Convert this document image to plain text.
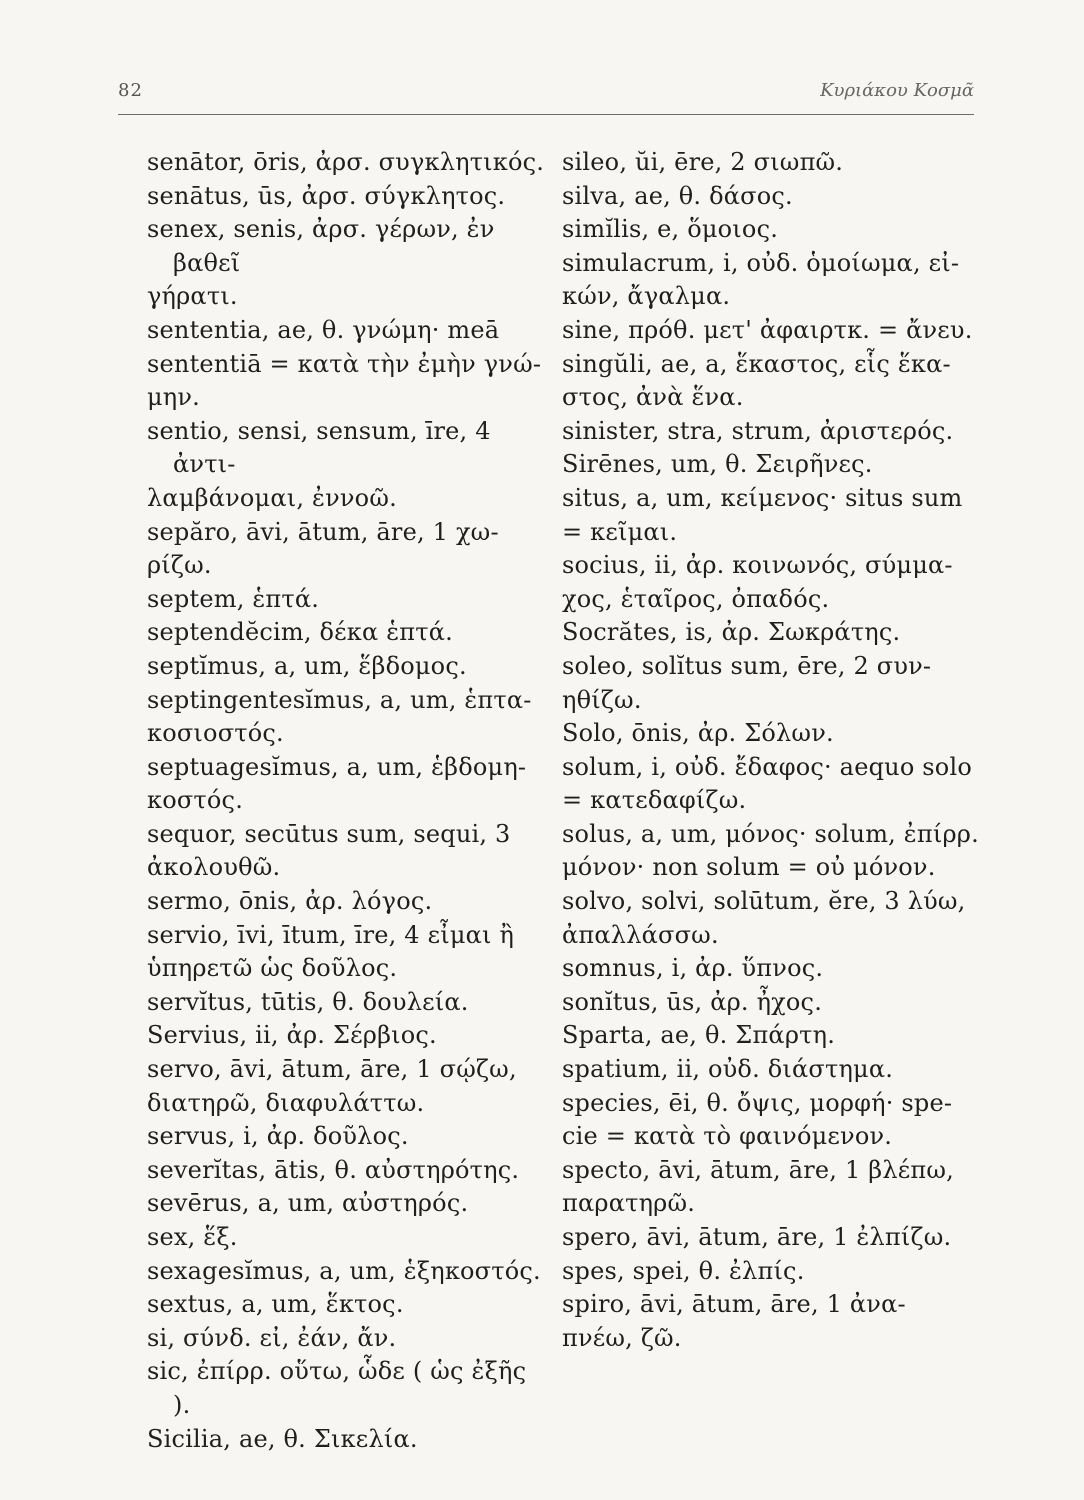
82	Κυριάκου Κοσμᾶ

senātor, ōris, ἀρσ. συγκλητικός.

senātus, ūs, ἀρσ. σύγκλητος.

senex, senis, ἀρσ. γέρων, ἐν βαθεῖ
γήρατι.

sententia, ae, θ. γνώμη· meā
sententiā = κατὰ τὴν ἐμὴν γνώ-
μην.

sentio, sensi, sensum, īre, 4 ἀντι-
λαμβάνομαι, ἐννοῶ.

sepăro, āvi, ātum, āre, 1 χω-
ρίζω.

septem, ἑπτά.

septendĕcim, δέκα ἑπτά.

septĭmus, a, um, ἕβδομος.

septingentesĭmus, a, um, ἑπτα-
κοσιοστός.

septuagesĭmus, a, um, ἑβδομη-
κοστός.

sequor, secūtus sum, sequi, 3
ἀκολουθῶ.

sermo, ōnis, ἀρ. λόγος.

servio, īvi, ītum, īre, 4 εἶμαι ἢ
ὑπηρετῶ ὡς δοῦλος.

servĭtus, tūtis, θ. δουλεία.

Servius, ii, ἀρ. Σέρβιος.

servo, āvi, ātum, āre, 1 σῴζω,
διατηρῶ, διαφυλάττω.

servus, i, ἀρ. δοῦλος.

severĭtas, ātis, θ. αὐστηρότης.

sevērus, a, um, αὐστηρός.

sex, ἕξ.

sexagesĭmus, a, um, ἑξηκοστός.

sextus, a, um, ἕκτος.

si, σύνδ. εἰ, ἐάν, ἄν.

sic, ἐπίρρ. οὕτω, ὧδε ( ὡς ἐξῆς ).

Sicilia, ae, θ. Σικελία.

sileo, ŭi, ēre, 2 σιωπῶ.

silva, ae, θ. δάσος.

simĭlis, e, ὅμοιος.

simulacrum, i, οὐδ. ὁμοίωμα, εἰ-
κών, ἄγαλμα.

sine, πρόθ. μετ' ἀφαιρτκ. = ἄνευ.

singŭli, ae, a, ἕκαστος, εἷς ἕκα-
στος, ἀνὰ ἕνα.

sinister, stra, strum, ἀριστερός.

Sirēnes, um, θ. Σειρῆνες.

situs, a, um, κείμενος· situs sum
= κεῖμαι.

socius, ii, ἀρ. κοινωνός, σύμμα-
χος, ἑταῖρος, ὀπαδός.

Socrătes, is, ἀρ. Σωκράτης.

soleo, solĭtus sum, ēre, 2 συν-
ηθίζω.

Solo, ōnis, ἀρ. Σόλων.

solum, i, οὐδ. ἔδαφος· aequo solo
= κατεδαφίζω.

solus, a, um, μόνος· solum, ἐπίρρ.
μόνον· non solum = οὐ μόνον.

solvo, solvi, solūtum, ĕre, 3 λύω,
ἀπαλλάσσω.

somnus, i, ἀρ. ὕπνος.

sonĭtus, ūs, ἀρ. ἦχος.

Sparta, ae, θ. Σπάρτη.

spatium, ii, οὐδ. διάστημα.

species, ēi, θ. ὄψις, μορφή· spe-
cie = κατὰ τὸ φαινόμενον.

specto, āvi, ātum, āre, 1 βλέπω,
παρατηρῶ.

spero, āvi, ātum, āre, 1 ἐλπίζω.

spes, spei, θ. ἐλπίς.

spiro, āvi, ātum, āre, 1 ἀνα-
πνέω, ζῶ.
